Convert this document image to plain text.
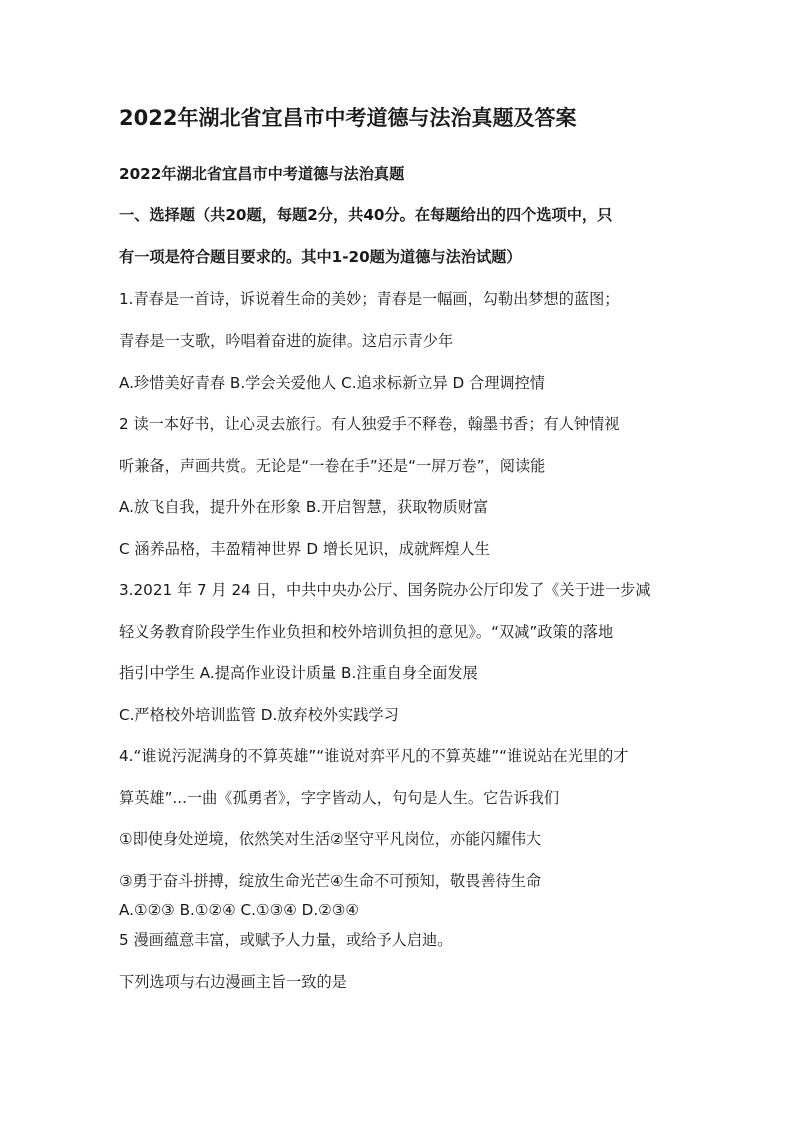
2022年湖北省宜昌市中考道德与法治真题及答案
2022年湖北省宜昌市中考道德与法治真题
一、选择题（共20题，每题2分，共40分。在每题给出的四个选项中，只
有一项是符合题目要求的。其中1-20题为道德与法治试题）
1.青春是一首诗，诉说着生命的美妙；青春是一幅画，勾勒出梦想的蓝图；
青春是一支歌，吟唱着奋进的旋律。这启示青少年
A.珍惜美好青春 B.学会关爱他人 C.追求标新立异 D 合理调控情
2 读一本好书，让心灵去旅行。有人独爱手不释卷，翰墨书香；有人钟情视
听兼备，声画共赏。无论是“一卷在手”还是“一屏万卷”，阅读能
A.放飞自我，提升外在形象 B.开启智慧，获取物质财富
C 涵养品格，丰盈精神世界 D 增长见识，成就辉煌人生
3.2021 年 7 月 24 日，中共中央办公厅、国务院办公厅印发了《关于进一步减
轻义务教育阶段学生作业负担和校外培训负担的意见》。“双减”政策的落地
指引中学生 A.提高作业设计质量 B.注重自身全面发展
C.严格校外培训监管 D.放弃校外实践学习
4.“谁说污泥满身的不算英雄”“谁说对弈平凡的不算英雄”“谁说站在光里的才
算英雄”...一曲《孤勇者》，字字皆动人，句句是人生。它告诉我们
①即使身处逆境，依然笑对生活②坚守平凡岗位，亦能闪耀伟大
③勇于奋斗拼搏，绽放生命光芒④生命不可预知，敬畏善待生命
A.①②③ B.①②④ C.①③④ D.②③④
5 漫画蕴意丰富，或赋予人力量，或给予人启迪。
下列选项与右边漫画主旨一致的是
